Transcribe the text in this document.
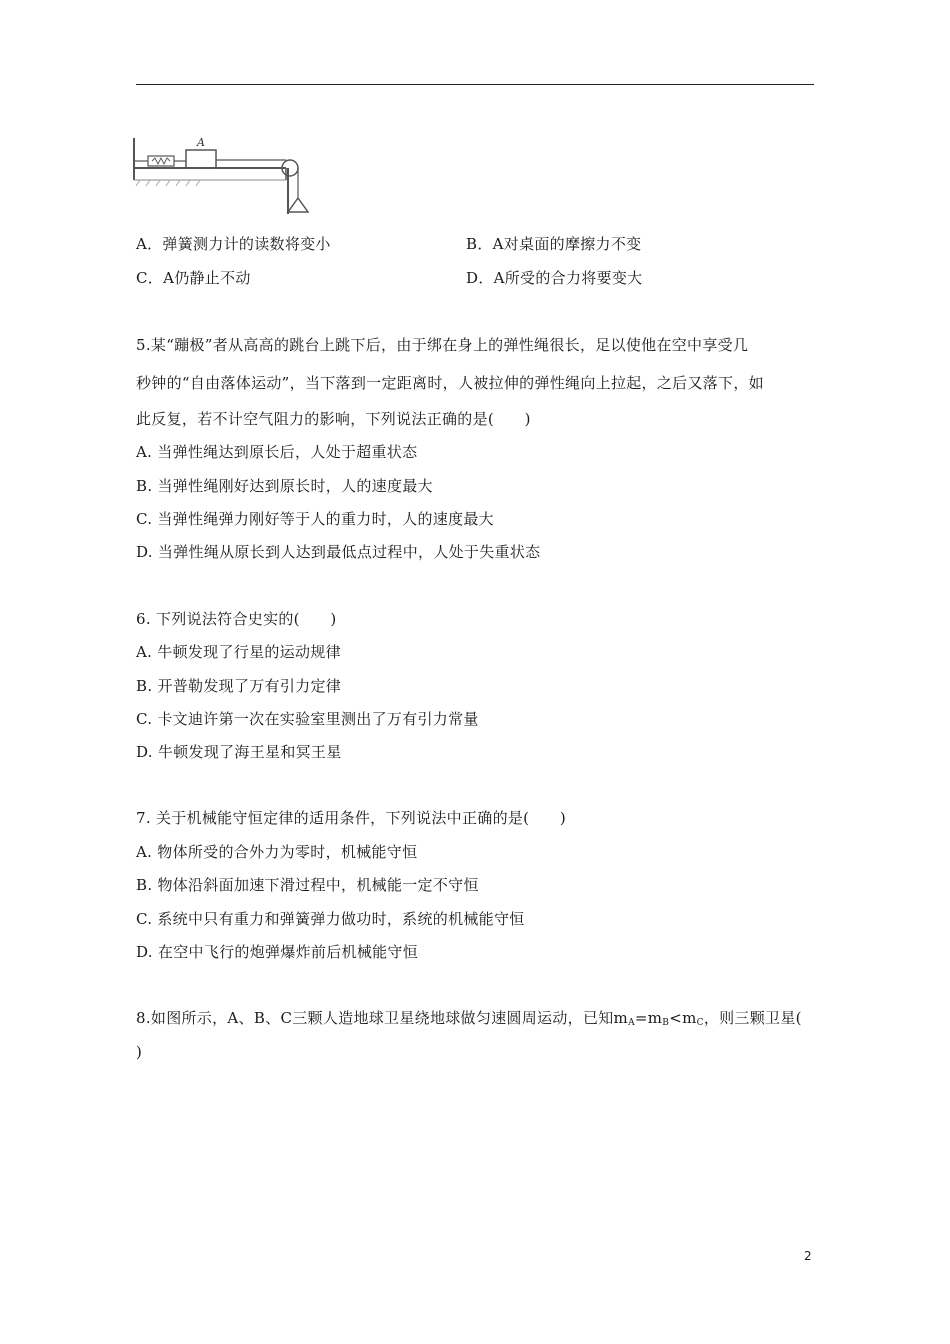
A
A．弹簧测力计的读数将变小	B．A对桌面的摩擦力不变
C．A仍静止不动	D．A所受的合力将要变大
5.某“蹦极”者从高高的跳台上跳下后，由于绑在身上的弹性绳很长，足以使他在空中享受几
秒钟的“自由落体运动”，当下落到一定距离时，人被拉伸的弹性绳向上拉起，之后又落下，如
此反复，若不计空气阻力的影响，下列说法正确的是(　　)
A. 当弹性绳达到原长后，人处于超重状态
B. 当弹性绳刚好达到原长时，人的速度最大
C. 当弹性绳弹力刚好等于人的重力时，人的速度最大
D. 当弹性绳从原长到人达到最低点过程中，人处于失重状态
6. 下列说法符合史实的(　　)
A. 牛顿发现了行星的运动规律
B. 开普勒发现了万有引力定律
C. 卡文迪许第一次在实验室里测出了万有引力常量
D. 牛顿发现了海王星和冥王星
7. 关于机械能守恒定律的适用条件，下列说法中正确的是(　　)
A. 物体所受的合外力为零时，机械能守恒
B. 物体沿斜面加速下滑过程中，机械能一定不守恒
C. 系统中只有重力和弹簧弹力做功时，系统的机械能守恒
D. 在空中飞行的炮弹爆炸前后机械能守恒
8.如图所示，A、B、C三颗人造地球卫星绕地球做匀速圆周运动，已知$m_A=m_B<m_C$，则三颗卫星(
)
2
